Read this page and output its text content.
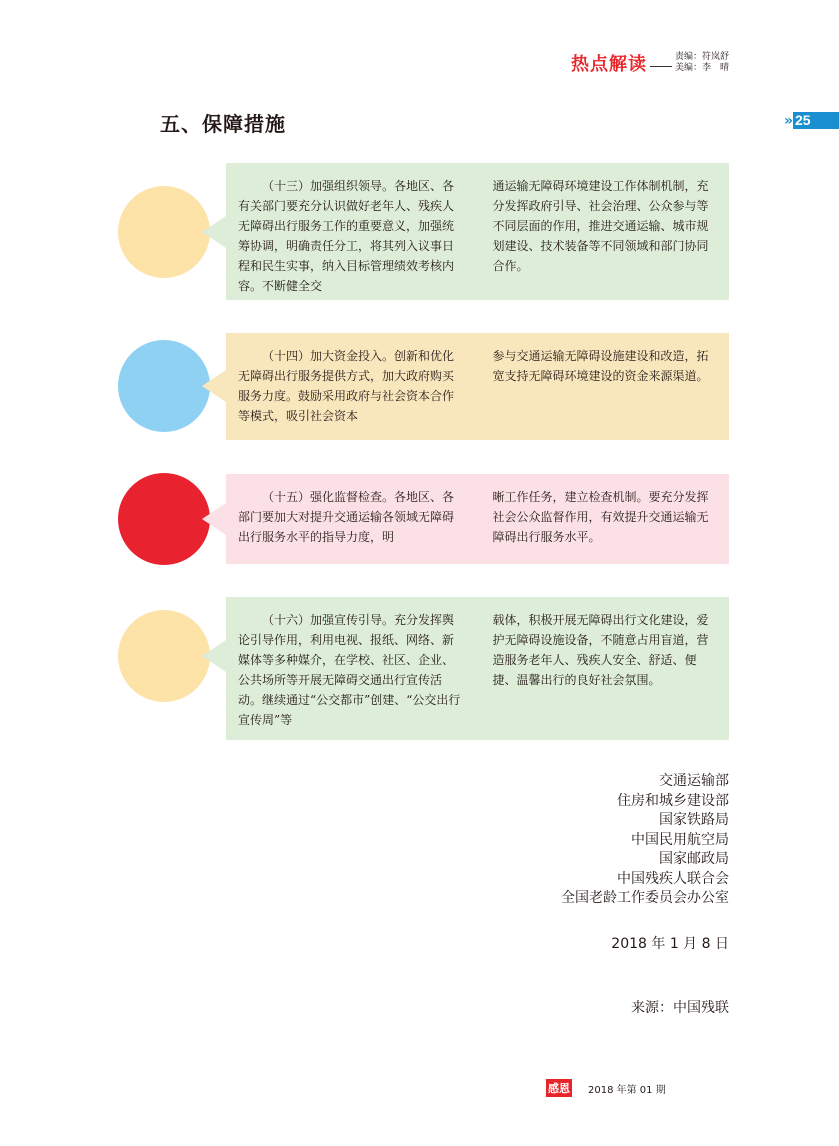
热点解读	责编：符岚舒
美编：李　晴
» 25
五、保障措施

（十三）加强组织领导。各地区、各有关部门要充分认识做好老年人、残疾人无障碍出行服务工作的重要意义，加强统筹协调，明确责任分工，将其列入议事日程和民生实事，纳入目标管理绩效考核内容。不断健全交

通运输无障碍环境建设工作体制机制，充分发挥政府引导、社会治理、公众参与等不同层面的作用，推进交通运输、城市规划建设、技术装备等不同领域和部门协同合作。

（十四）加大资金投入。创新和优化无障碍出行服务提供方式，加大政府购买服务力度。鼓励采用政府与社会资本合作等模式，吸引社会资本

参与交通运输无障碍设施建设和改造，拓宽支持无障碍环境建设的资金来源渠道。

（十五）强化监督检查。各地区、各部门要加大对提升交通运输各领域无障碍出行服务水平的指导力度，明

晰工作任务，建立检查机制。要充分发挥社会公众监督作用，有效提升交通运输无障碍出行服务水平。

（十六）加强宣传引导。充分发挥舆论引导作用，利用电视、报纸、网络、新媒体等多种媒介，在学校、社区、企业、公共场所等开展无障碍交通出行宣传活动。继续通过“公交都市”创建、“公交出行宣传周”等

载体，积极开展无障碍出行文化建设，爱护无障碍设施设备，不随意占用盲道，营造服务老年人、残疾人安全、舒适、便捷、温馨出行的良好社会氛围。

交通运输部
住房和城乡建设部
国家铁路局
中国民用航空局
国家邮政局
中国残疾人联合会
全国老龄工作委员会办公室
2018 年 1 月 8 日
来源：中国残联
感恩 2018 年第 01 期
